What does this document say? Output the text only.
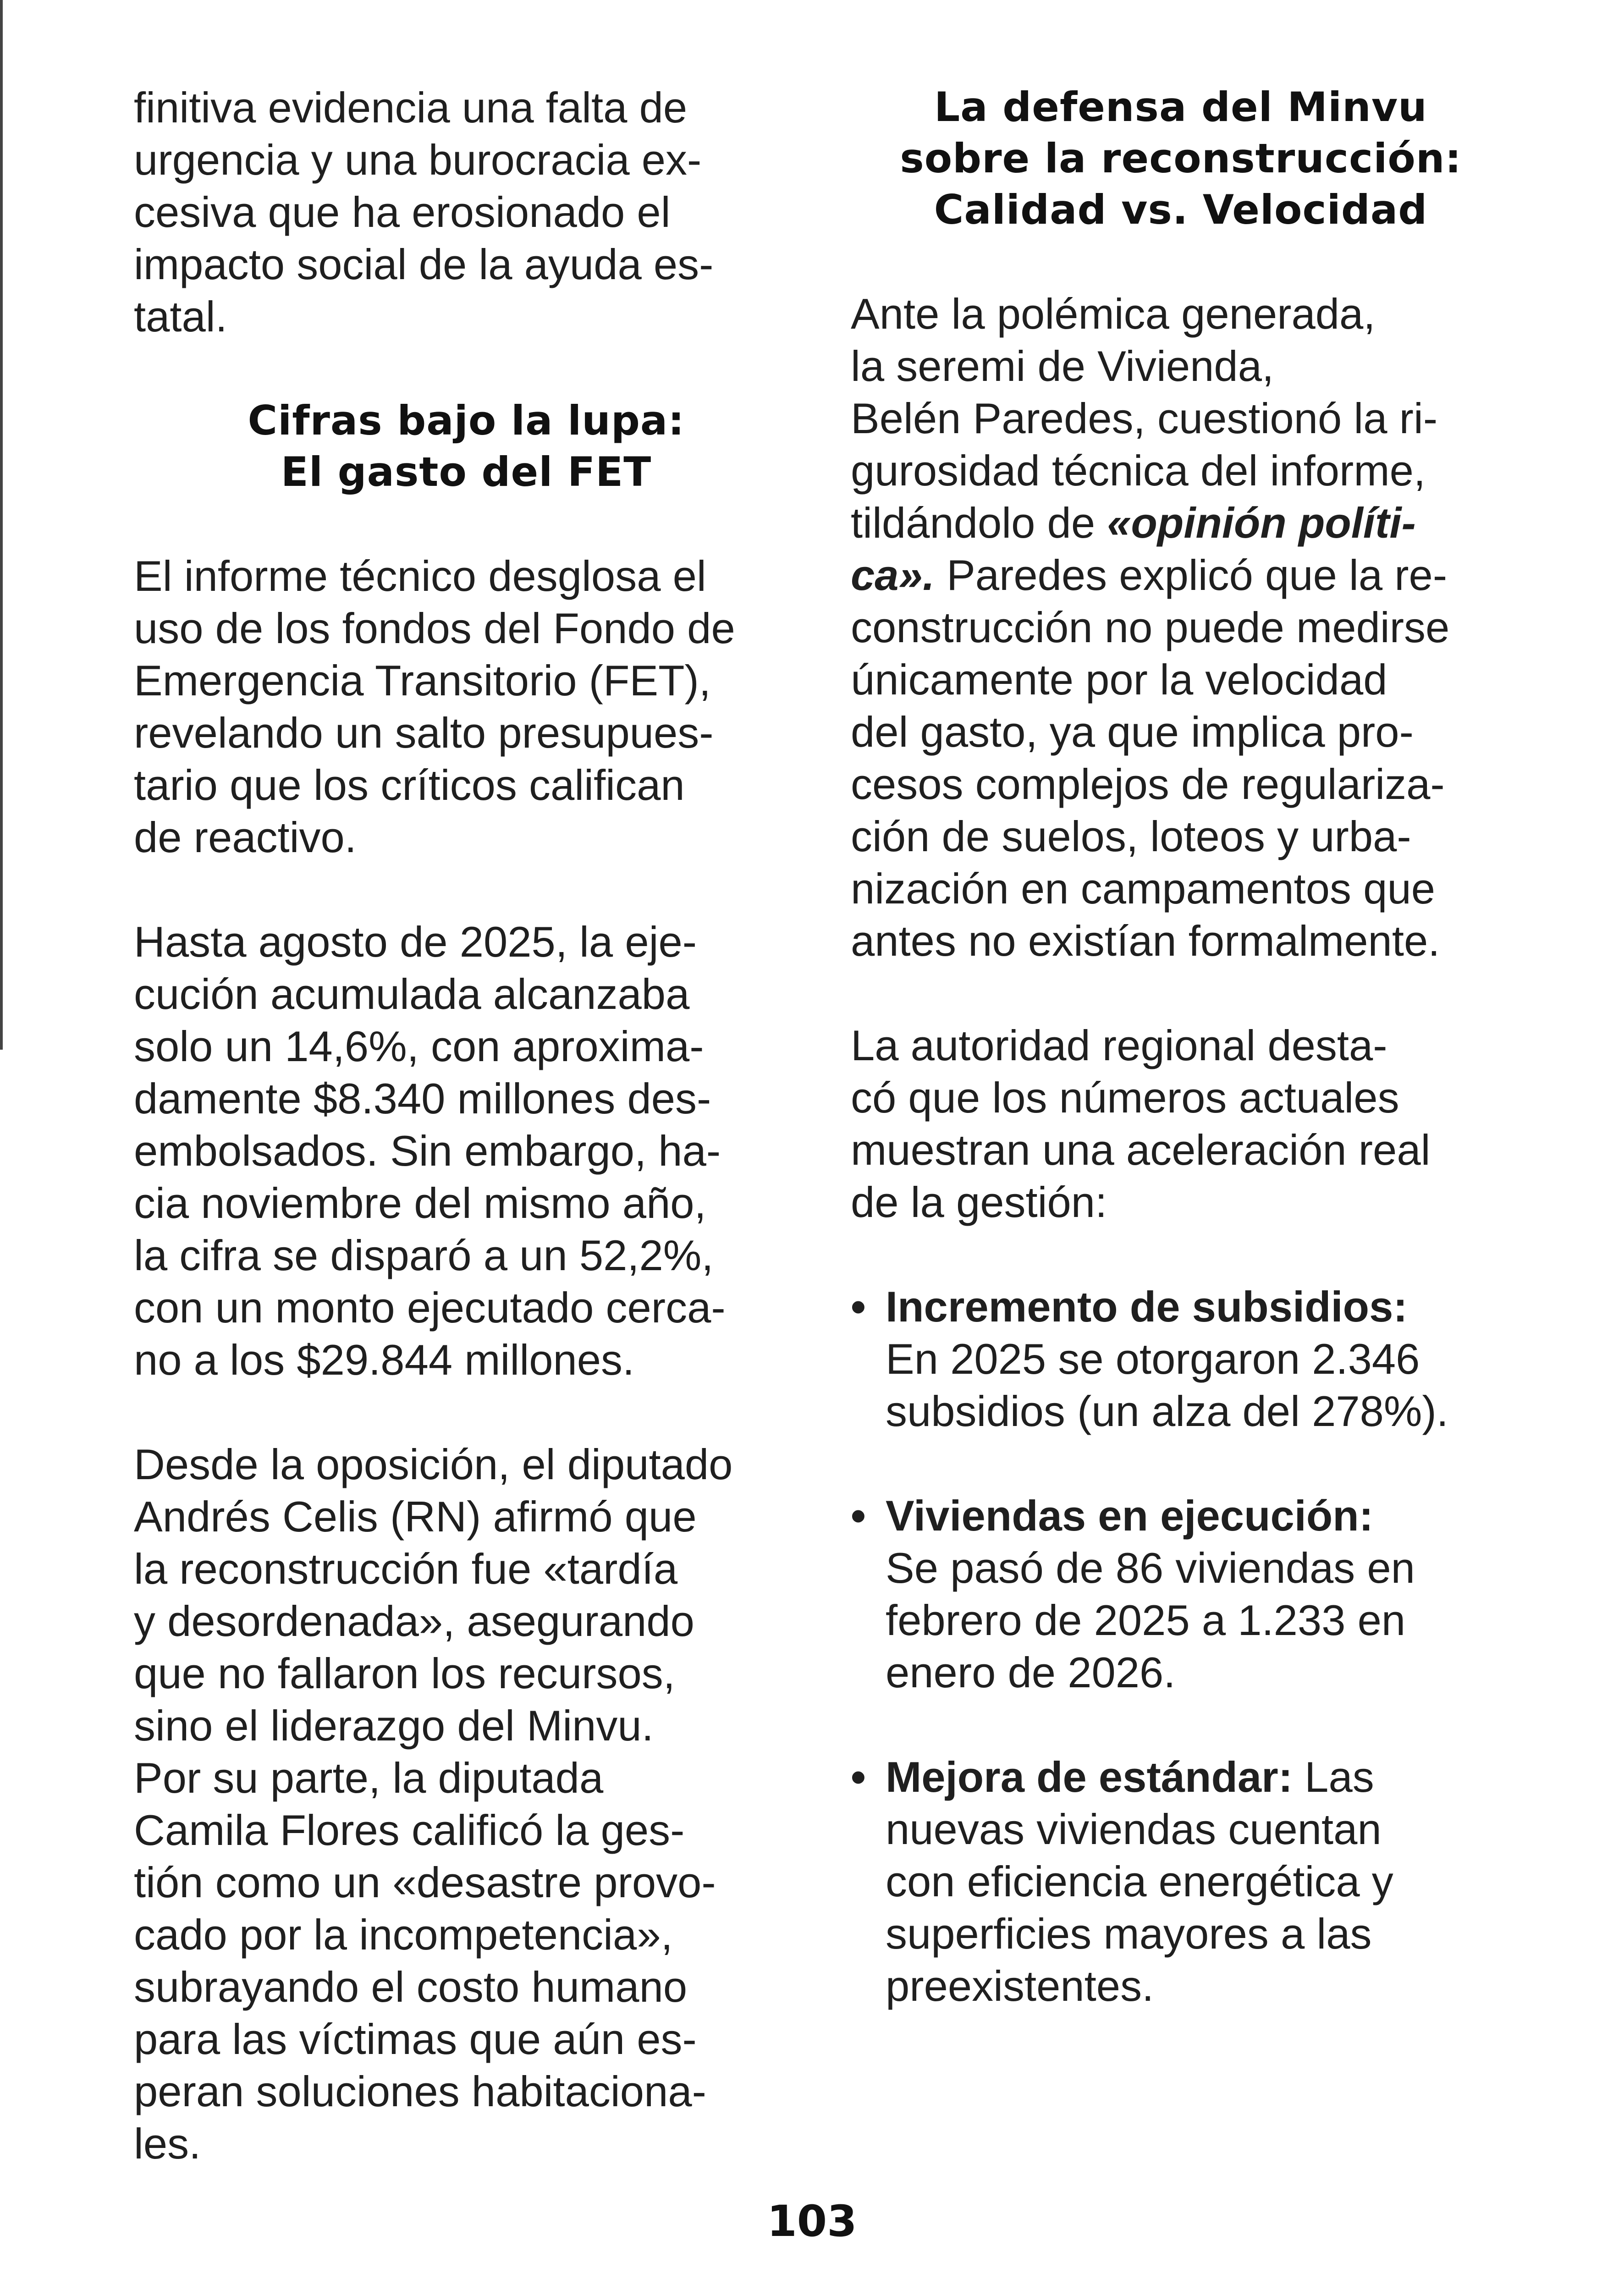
finitiva evidencia una falta de
urgencia y una burocracia ex-
cesiva que ha erosionado el
impacto social de la ayuda es-
tatal.
Cifras bajo la lupa:
El gasto del FET
El informe técnico desglosa el
uso de los fondos del Fondo de
Emergencia Transitorio (FET),
revelando un salto presupues-
tario que los críticos califican
de reactivo.
Hasta agosto de 2025, la eje-
cución acumulada alcanzaba
solo un 14,6%, con aproxima-
damente $8.340 millones des-
embolsados. Sin embargo, ha-
cia noviembre del mismo año,
la cifra se disparó a un 52,2%,
con un monto ejecutado cerca-
no a los $29.844 millones.
Desde la oposición, el diputado
Andrés Celis (RN) afirmó que
la reconstrucción fue «tardía
y desordenada», asegurando
que no fallaron los recursos,
sino el liderazgo del Minvu.
Por su parte, la diputada
Camila Flores calificó la ges-
tión como un «desastre provo-
cado por la incompetencia»,
subrayando el costo humano
para las víctimas que aún es-
peran soluciones habitaciona-
les.
La defensa del Minvu
sobre la reconstrucción:
Calidad vs. Velocidad
Ante la polémica generada,
la seremi de Vivienda,
Belén Paredes, cuestionó la ri-
gurosidad técnica del informe,
tildándolo de «opinión políti-
ca». Paredes explicó que la re-
construcción no puede medirse
únicamente por la velocidad
del gasto, ya que implica pro-
cesos complejos de regulariza-
ción de suelos, loteos y urba-
nización en campamentos que
antes no existían formalmente.
La autoridad regional desta-
có que los números actuales
muestran una aceleración real
de la gestión:
• Incremento de subsidios:
En 2025 se otorgaron 2.346
subsidios (un alza del 278%).
• Viviendas en ejecución:
Se pasó de 86 viviendas en
febrero de 2025 a 1.233 en
enero de 2026.
• Mejora de estándar: Las
nuevas viviendas cuentan
con eficiencia energética y
superficies mayores a las
preexistentes.
103
